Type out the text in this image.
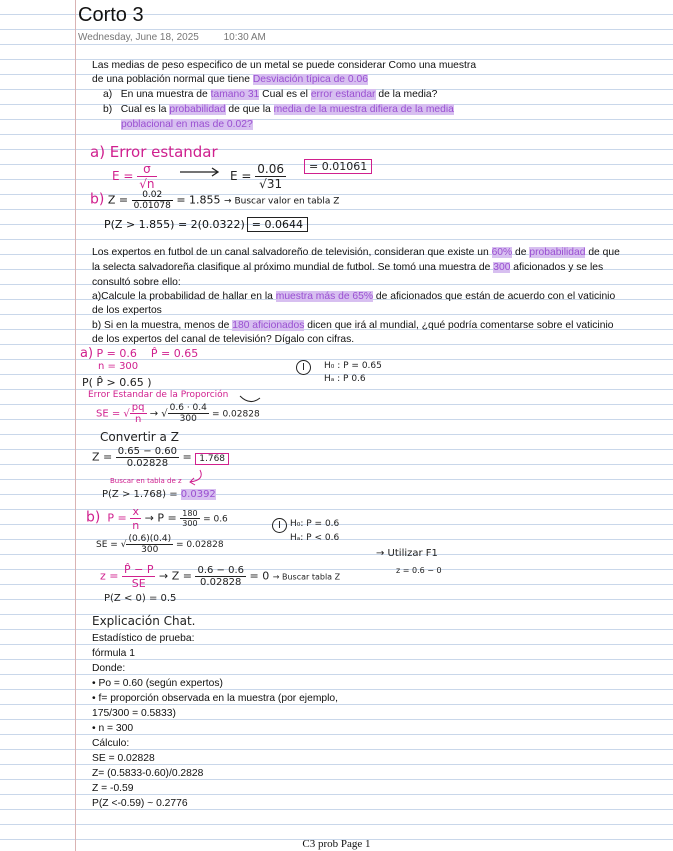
Corto 3
Wednesday, June 18, 2025 10:30 AM
Las medias de peso especifico de un metal se puede considerar Como una muestra
de una población normal que tiene Desviación típica de 0.06
a) En una muestra de tamano 31 Cual es el error estandar de la media?
b) Cual es la probabilidad de que la media de la muestra difiera de la media
poblacional en mas de 0.02?
a) Error estandar
$E = \frac{\sigma}{√n}$	$E = \frac{0.06}{√31}$	= 0.01061
b) $Z = \frac{0.02}{0.01078} = 1.855$ → Buscar valor en tabla Z
P(Z > 1.855) = 2(0.0322) = 0.0644
Los expertos en futbol de un canal salvadoreño de televisión, consideran que existe un 60% de probabilidad de que
la selecta salvadoreña clasifique al próximo mundial de futbol. Se tomó una muestra de 300 aficionados y se les
consultó sobre ello:
a)Calcule la probabilidad de hallar en la muestra más de 65% de aficionados que están de acuerdo con el vaticinio
de los expertos
b) Si en la muestra, menos de 180 aficionados dicen que irá al mundial, ¿qué podría comentarse sobre el vaticinio
de los expertos del canal de televisión? Dígalo con cifras.
a) P = 0.6 P̂ = 0.65
n = 300
P( P̂ > 0.65 )
I	H₀ : P = 0.65
Hₐ : P 0.6
Error Estandar de la Proporción
SE = √ $\frac{pq}{n}$ → √ $\frac{0.6 \cdot 0.4}{300} = 0.02828$
Convertir a Z
$Z = \frac{0.65 - 0.60}{0.02828} = 1.768$
Buscar en tabla de z
P(Z > 1.768) = 0.0392
b) $P = \frac{x}{n} \to P = \frac{180}{300} = 0.6$
I	H₀: P = 0.6
Hₐ: P < 0.6
SE = √ $\frac{(0.6)(0.4)}{300} = 0.02828$
→ Utilizar F1
$z = \frac{P̂ - P}{SE} \to Z = \frac{0.6 - 0.6}{0.02828} = 0$ → Buscar tabla Z
z = 0.6 − 0
P(Z < 0) = 0.5
Explicación Chat.
Estadístico de prueba:
fórmula 1
Donde:
• Po = 0.60 (según expertos)
• f= proporción observada en la muestra (por ejemplo,
175/300 = 0.5833)
• n = 300
Cálculo:
SE = 0.02828
Z= (0.5833-0.60)/0.2828
Z = -0.59
P(Z <-0.59) ~ 0.2776
C3 prob Page 1
